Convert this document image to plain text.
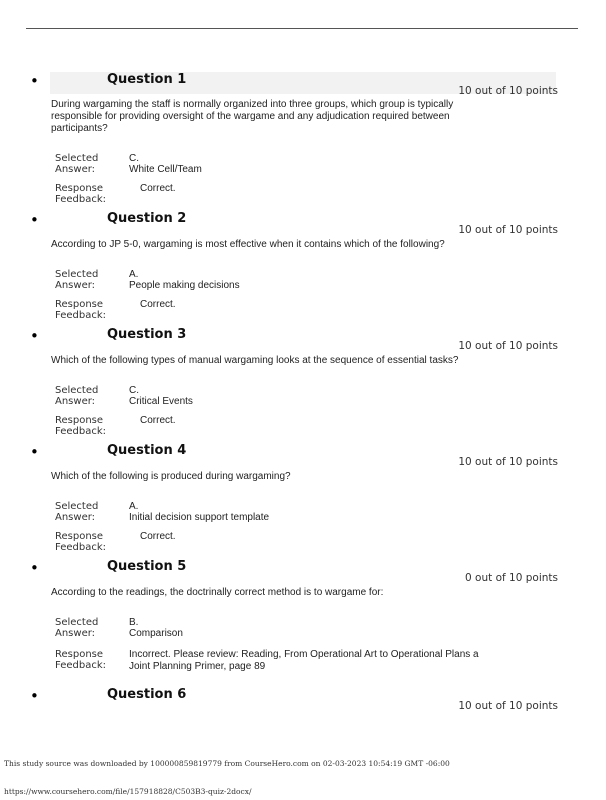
•	Question 1
10 out of 10 points
During wargaming the staff is normally organized into three groups, which group is typically responsible for providing oversight of the wargame and any adjudication required between participants?
Selected Answer:
C.
White Cell/Team
Response Feedback:
Correct.
•	Question 2
10 out of 10 points
According to JP 5-0, wargaming is most effective when it contains which of the following?
Selected Answer:
A.
People making decisions
Response Feedback:
Correct.
•	Question 3
10 out of 10 points
Which of the following types of manual wargaming looks at the sequence of essential tasks?
Selected Answer:
C.
Critical Events
Response Feedback:
Correct.
•	Question 4
10 out of 10 points
Which of the following is produced during wargaming?
Selected Answer:
A.
Initial decision support template
Response Feedback:
Correct.
•	Question 5
0 out of 10 points
According to the readings, the doctrinally correct method is to wargame for:
Selected Answer:
B.
Comparison
Response Feedback:
Incorrect. Please review: Reading, From Operational Art to Operational Plans a Joint Planning Primer, page 89
•	Question 6
10 out of 10 points
This study source was downloaded by 100000859819779 from CourseHero.com on 02-03-2023 10:54:19 GMT -06:00
https://www.coursehero.com/file/157918828/C503B3-quiz-2docx/
